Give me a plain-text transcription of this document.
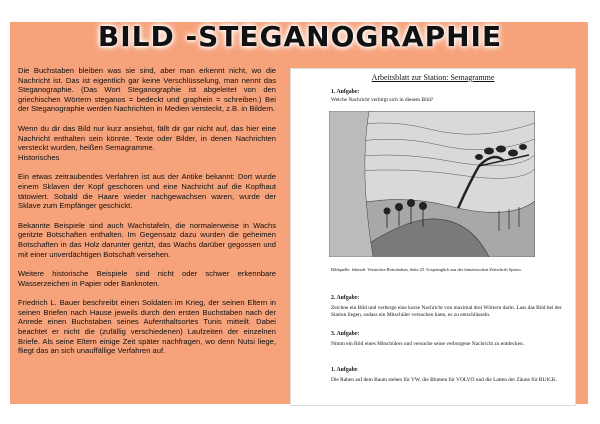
BILD -STEGANOGRAPHIE

Die Buchstaben bleiben was sie sind, aber man erkennt nicht, wo die Nachricht ist. Das ist eigentlich gar keine Verschlüsselung, man nennt das Steganographie. (Das Wort Steganographie ist abgeleitet von den griechischen Wörtern steganos = bedeckt und graphein = schreiben.) Bei der Steganographie werden Nachrichten in Medien versteckt, z.B. in Bildern.

Wenn du dir das Bild nur kurz ansiehst, fällt dir gar nicht auf, das hier eine Nachricht enthalten sein könnte. Texte oder Bilder, in denen Nachrichten versteckt wurden, heißen Semagramme.
Historisches

Ein etwas zeitraubendes Verfahren ist aus der Antike bekannt: Dort wurde einem Sklaven der Kopf geschoren und eine Nachricht auf die Kopfhaut tätowiert. Sobald die Haare wieder nachgewachsen waren, wurde der Sklave zum Empfänger geschickt.

Bekannte Beispiele sind auch Wachstafeln, die normalerweise in Wachs geritzte Botschaften enthalten. Im Gegensatz dazu wurden die geheimen Botschaften in das Holz darunter geritzt, das Wachs darüber gegossen und mit einer unverdächtigen Botschaft versehen.

Weitere historische Beispiele sind nicht oder schwer erkennbare Wasserzeichen in Papier oder Banknoten.

Friedrich L. Bauer beschreibt einen Soldaten im Krieg, der seinen Eltern in seinen Briefen nach Hause jeweils durch den ersten Buchstaben nach der Anrede einen Buchstaben seines Aufenthaltsortes Tunis mitteilt. Dabei beachtet er nicht die (zufällig verschiedenen) Laufzeiten der einzelnen Briefe. Als seine Eltern einige Zeit später nachfragen, wo denn Nutsi liege, fliegt das an sich unauffällige Verfahren auf.

Arbeitsblatt zur Station: Semagramme
1. Aufgabe:
Welche Nachricht verbirgt sich in diesem Bild?
Bildquelle: fehmob: Versteckte Botschaften, Seite 25. Ursprünglich aus der französischen Zeitschrift Spirou.
2. Aufgabe:
Zeichne ein Bild und verberge eine kurze Nachricht von maximal drei Wörtern darin. Lass das Bild bei der Station liegen, sodass ein Mitschüler versuchen kann, es zu entschlüsseln.
3. Aufgabe:
Nimm ein Bild eines Mitschülers und versuche seine verborgene Nachricht zu entdecken.
1. Aufgabe
Die Raben auf dem Baum stehen für VW, die Blumen für VOLVO und die Latten der Zäune für BUICK.
